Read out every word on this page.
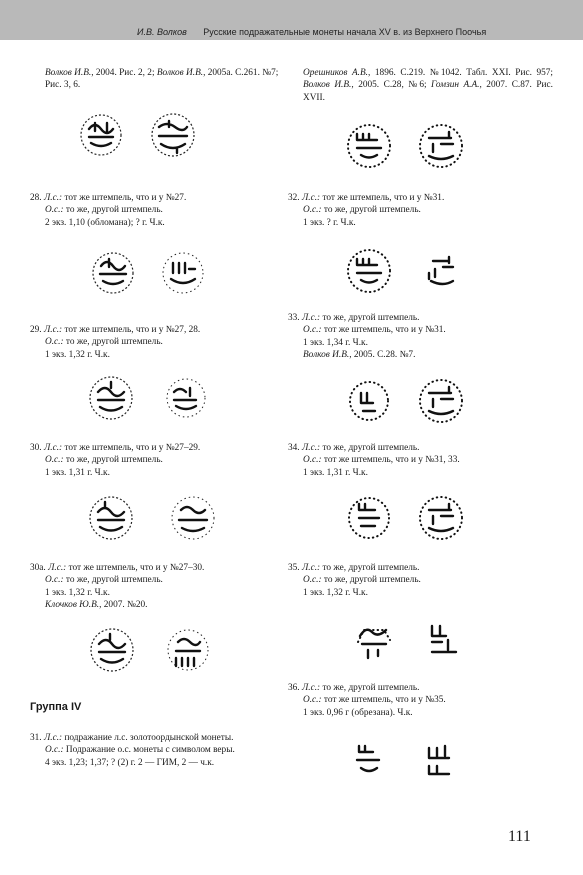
И.В. Волков Русские подражательные монеты начала XV в. из Верхнего Поочья

Волков И.В., 2004. Рис. 2, 2; Волков И.В., 2005а. С.261. №7; Рис. 3, 6.

28. Л.с.: тот же штемпель, что и у №27.

О.с.: то же, другой штемпель.

2 экз. 1,10 (обломана); ? г. Ч.к.

29. Л.с.: тот же штемпель, что и у №27, 28.

О.с.: то же, другой штемпель.

1 экз. 1,32 г. Ч.к.

30. Л.с.: тот же штемпель, что и у №27–29.

О.с.: то же, другой штемпель.

1 экз. 1,31 г. Ч.к.

30а. Л.с.: тот же штемпель, что и у №27–30.

О.с.: то же, другой штемпель.

1 экз. 1,32 г. Ч.к.

Клочков Ю.В., 2007. №20.

Группа IV

31. Л.с.: подражание л.с. золотоордынской монеты.

О.с.: Подражание о.с. монеты с символом веры.

4 экз. 1,23; 1,37; ? (2) г. 2 — ГИМ, 2 — ч.к.

Орешников А.В., 1896. С.219. №1042. Табл. XXI. Рис. 957; Волков И.В., 2005. С.28, №6; Гомзин А.А., 2007. С.87. Рис. XVII.

32. Л.с.: тот же штемпель, что и у №31.

О.с.: то же, другой штемпель.

1 экз. ? г. Ч.к.

33. Л.с.: то же, другой штемпель.

О.с.: тот же штемпель, что и у №31.

1 экз. 1,34 г. Ч.к.

Волков И.В., 2005. С.28. №7.

34. Л.с.: то же, другой штемпель.

О.с.: тот же штемпель, что и у №31, 33.

1 экз. 1,31 г. Ч.к.

35. Л.с.: то же, другой штемпель.

О.с.: то же, другой штемпель.

1 экз. 1,32 г. Ч.к.

36. Л.с.: то же, другой штемпель.

О.с.: тот же штемпель, что и у №35.

1 экз. 0,96 г (обрезана). Ч.к.

111
